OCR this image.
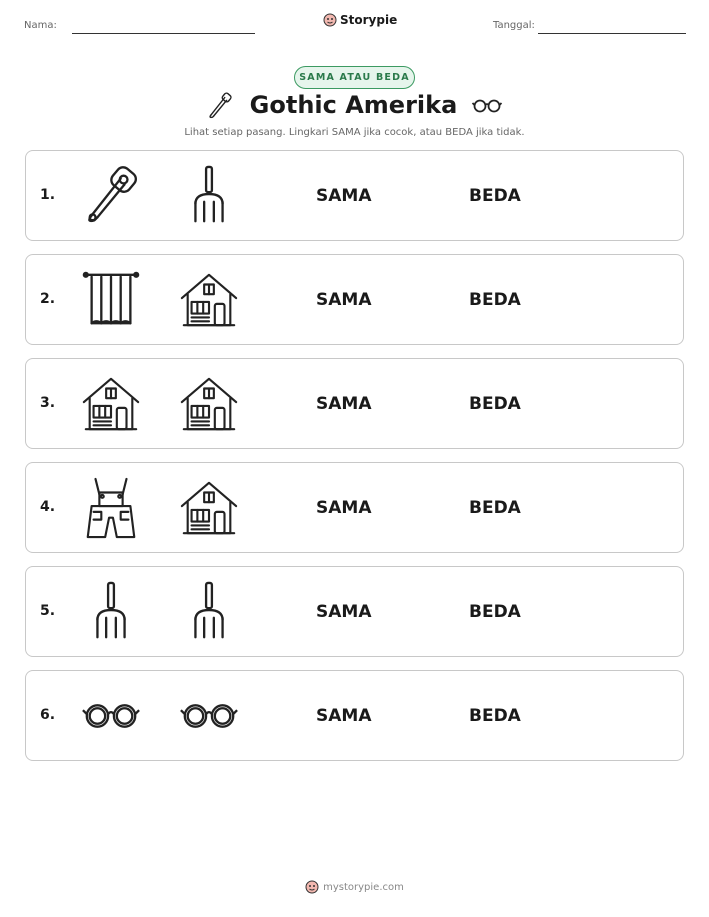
Nama:	Storypie	Tanggal:
SAMA ATAU BEDA
Gothic Amerika
Lihat setiap pasang. Lingkari SAMA jika cocok, atau BEDA jika tidak.
1.	SAMA	BEDA
2.	SAMA	BEDA
3.	SAMA	BEDA
4.	SAMA	BEDA
5.	SAMA	BEDA
6.	SAMA	BEDA
mystorypie.com
